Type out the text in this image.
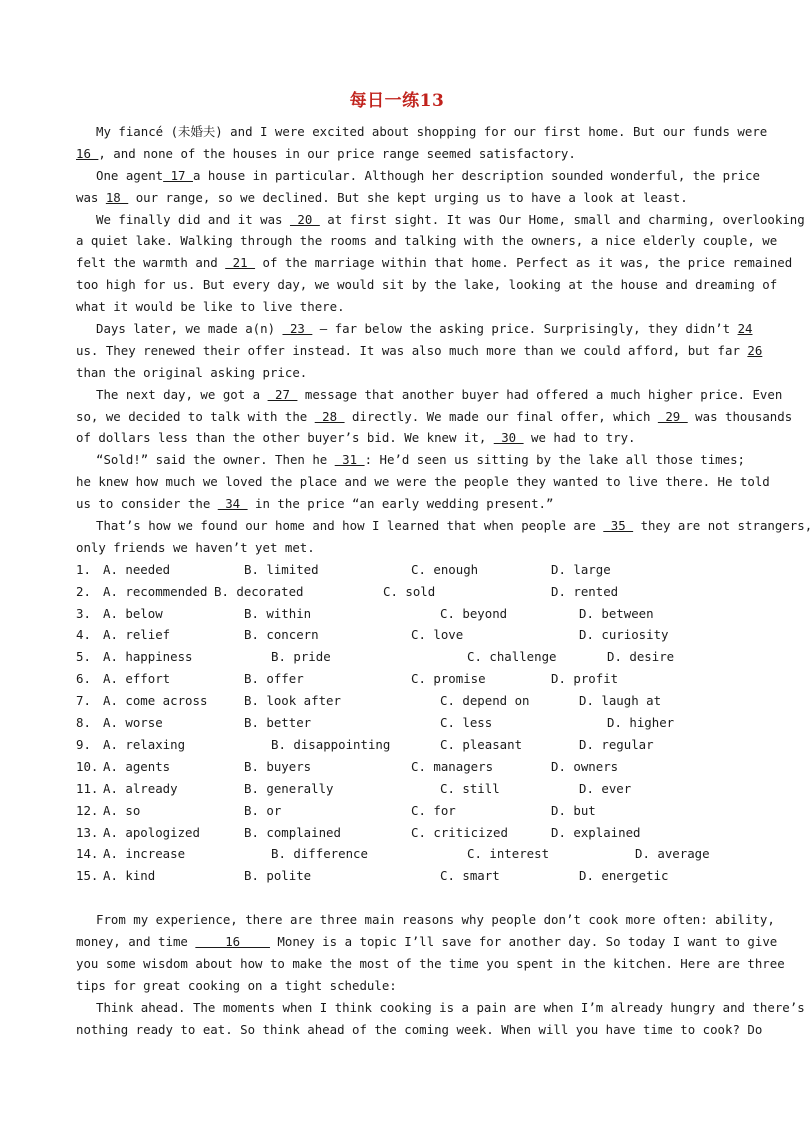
每日一练13
My fiancé (未婚夫) and I were excited about shopping for our first home. But our funds were
16 , and none of the houses in our price range seemed satisfactory.
One agent 17 a house in particular. Although her description sounded wonderful, the price
was 18  our range, so we declined. But she kept urging us to have a look at least.
We finally did and it was  20  at first sight. It was Our Home, small and charming, overlooking
a quiet lake. Walking through the rooms and talking with the owners, a nice elderly couple, we
felt the warmth and  21  of the marriage within that home. Perfect as it was, the price remained
too high for us. But every day, we would sit by the lake, looking at the house and dreaming of
what it would be like to live there.
Days later, we made a(n)  23  — far below the asking price. Surprisingly, they didn’t 24
us. They renewed their offer instead. It was also much more than we could afford, but far 26
than the original asking price.
The next day, we got a  27  message that another buyer had offered a much higher price. Even
so, we decided to talk with the  28  directly. We made our final offer, which  29  was thousands
of dollars less than the other buyer’s bid. We knew it,  30  we had to try.
“Sold!” said the owner. Then he  31 : He’d seen us sitting by the lake all those times;
he knew how much we loved the place and we were the people they wanted to live there. He told
us to consider the  34  in the price “an early wedding present.”
That’s how we found our home and how I learned that when people are  35  they are not strangers,
only friends we haven’t yet met.
1. A. needed	B. limited	C. enough	D. large
2. A. recommended B. decorated	C. sold	D. rented
3. A. below	B. within	C. beyond	D. between
4. A. relief	B. concern	C. love	D. curiosity
5. A. happiness	B. pride	C. challenge	D. desire
6. A. effort	B. offer	C. promise	D. profit
7. A. come across	B. look after	C. depend on	D. laugh at
8. A. worse	B. better	C. less	D. higher
9. A. relaxing	B. disappointing	C. pleasant	D. regular
10. A. agents	B. buyers	C. managers	D. owners
11. A. already	B. generally	C. still	D. ever
12. A. so	B. or	C. for	D. but
13. A. apologized	B. complained	C. criticized	D. explained
14. A. increase	B. difference	C. interest	D. average
15. A. kind	B. polite	C. smart	D. energetic
From my experience, there are three main reasons why people don’t cook more often: ability,
money, and time     16     Money is a topic I’ll save for another day. So today I want to give
you some wisdom about how to make the most of the time you spent in the kitchen. Here are three
tips for great cooking on a tight schedule:
Think ahead. The moments when I think cooking is a pain are when I’m already hungry and there’s
nothing ready to eat. So think ahead of the coming week. When will you have time to cook? Do
